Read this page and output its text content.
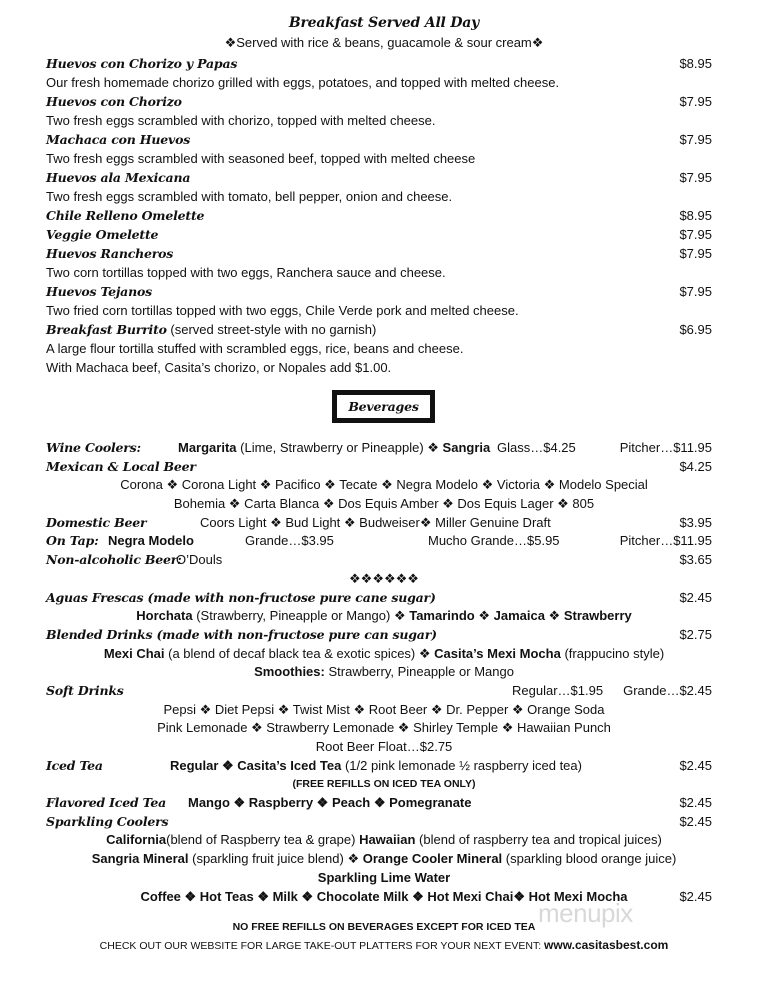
Breakfast Served All Day
❖Served with rice & beans, guacamole & sour cream❖
Huevos con Chorizo y Papas	$8.95
Our fresh homemade chorizo grilled with eggs, potatoes, and topped with melted cheese.
Huevos con Chorizo	$7.95
Two fresh eggs scrambled with chorizo, topped with melted cheese.
Machaca con Huevos	$7.95
Two fresh eggs scrambled with seasoned beef, topped with melted cheese
Huevos ala Mexicana	$7.95
Two fresh eggs scrambled with tomato, bell pepper, onion and cheese.
Chile Relleno Omelette	$8.95
Veggie Omelette	$7.95
Huevos Rancheros	$7.95
Two corn tortillas topped with two eggs, Ranchera sauce and cheese.
Huevos Tejanos	$7.95
Two fried corn tortillas topped with two eggs, Chile Verde pork and melted cheese.
Breakfast Burrito (served street-style with no garnish)	$6.95
A large flour tortilla stuffed with scrambled eggs, rice, beans and cheese.
With Machaca beef, Casita’s chorizo, or Nopales add $1.00.
Beverages
Wine Coolers:	Margarita (Lime, Strawberry or Pineapple) ❖ Sangria Glass…$4.25	Pitcher…$11.95
Mexican & Local Beer	$4.25
Corona ❖ Corona Light ❖ Pacifico ❖ Tecate ❖ Negra Modelo ❖ Victoria ❖ Modelo Special
Bohemia ❖ Carta Blanca ❖ Dos Equis Amber ❖ Dos Equis Lager ❖ 805
Domestic Beer	Coors Light ❖ Bud Light ❖ Budweiser❖ Miller Genuine Draft	$3.95
On Tap: Negra Modelo	Grande…$3.95	Mucho Grande…$5.95	Pitcher…$11.95
Non-alcoholic Beer:
O’Douls	$3.65
❖❖❖❖❖❖
Aguas Frescas (made with non-fructose pure cane sugar)	$2.45
Horchata (Strawberry, Pineapple or Mango) ❖ Tamarindo ❖ Jamaica ❖ Strawberry
Blended Drinks (made with non-fructose pure can sugar)	$2.75
Mexi Chai (a blend of decaf black tea & exotic spices) ❖ Casita’s Mexi Mocha (frappucino style)
Smoothies: Strawberry, Pineapple or Mango
Soft Drinks	Regular…$1.95 Grande…$2.45
Pepsi ❖ Diet Pepsi ❖ Twist Mist ❖ Root Beer ❖ Dr. Pepper ❖ Orange Soda
Pink Lemonade ❖ Strawberry Lemonade ❖ Shirley Temple ❖ Hawaiian Punch
Root Beer Float…$2.75
Iced Tea	Regular ❖ Casita’s Iced Tea (1/2 pink lemonade ½ raspberry iced tea)	$2.45
(FREE REFILLS ON ICED TEA ONLY)
Flavored Iced Tea Mango ❖ Raspberry ❖ Peach ❖ Pomegranate	$2.45
Sparkling Coolers	$2.45
California(blend of Raspberry tea & grape) Hawaiian (blend of raspberry tea and tropical juices)
Sangria Mineral (sparkling fruit juice blend) ❖ Orange Cooler Mineral (sparkling blood orange juice)
Sparkling Lime Water
Coffee ❖ Hot Teas ❖ Milk ❖ Chocolate Milk ❖ Hot Mexi Chai❖ Hot Mexi Mocha	$2.45
NO FREE REFILLS ON BEVERAGES EXCEPT FOR ICED TEA
CHECK OUT OUR WEBSITE FOR LARGE TAKE-OUT PLATTERS FOR YOUR NEXT EVENT: www.casitasbest.com
menupix
